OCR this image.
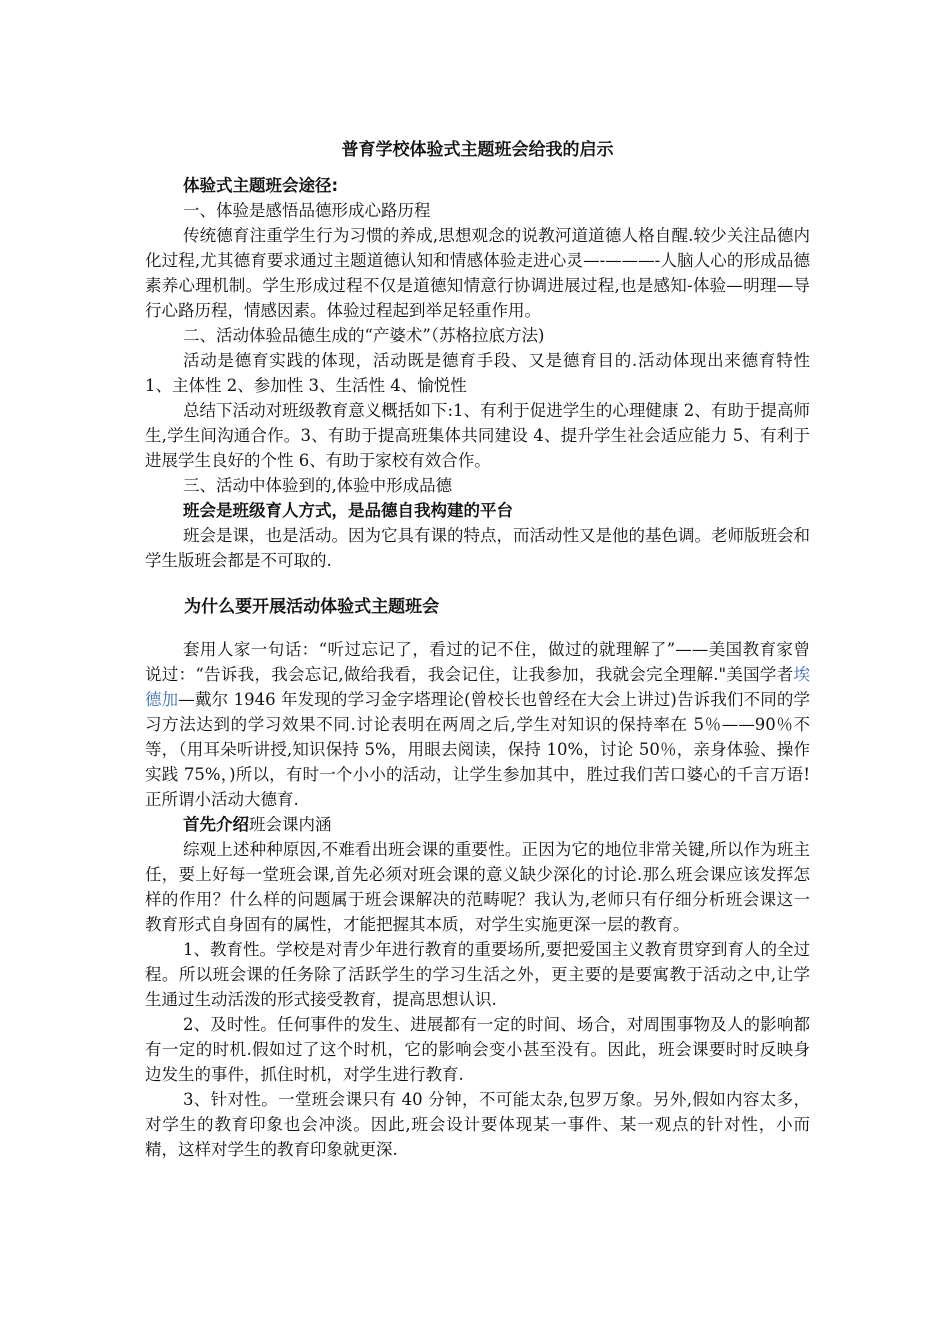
普育学校体验式主题班会给我的启示

体验式主题班会途径:

一、体验是感悟品德形成心路历程

传统德育注重学生行为习惯的养成,思想观念的说教河道道德人格自醒.较少关注品德内化过程,尤其德育要求通过主题道德认知和情感体验走进心灵—-———-人脑人心的形成品德素养心理机制。学生形成过程不仅是道德知情意行协调进展过程,也是感知-体验—明理—导行心路历程，情感因素。体验过程起到举足轻重作用。

二、活动体验品德生成的“产婆术”（苏格拉底方法)

活动是德育实践的体现，活动既是德育手段、又是德育目的.活动体现出来德育特性 1、主体性 2、参加性 3、生活性 4、愉悦性

总结下活动对班级教育意义概括如下:1、有利于促进学生的心理健康 2、有助于提高师生,学生间沟通合作。3、有助于提高班集体共同建设 4、提升学生社会适应能力 5、有利于进展学生良好的个性 6、有助于家校有效合作。

三、活动中体验到的,体验中形成品德

班会是班级育人方式，是品德自我构建的平台

班会是课，也是活动。因为它具有课的特点，而活动性又是他的基色调。老师版班会和学生版班会都是不可取的.

为什么要开展活动体验式主题班会

套用人家一句话：“听过忘记了，看过的记不住，做过的就理解了”——美国教育家曾说过：“告诉我，我会忘记,做给我看，我会记住，让我参加，我就会完全理解."美国学者埃德加—戴尔 1946 年发现的学习金字塔理论(曾校长也曾经在大会上讲过)告诉我们不同的学习方法达到的学习效果不同.讨论表明在两周之后,学生对知识的保持率在 5％——90％不等，（用耳朵听讲授,知识保持 5%，用眼去阅读，保持 10%，讨论 50％，亲身体验、操作实践 75%，)所以，有时一个小小的活动，让学生参加其中，胜过我们苦口婆心的千言万语!正所谓小活动大德育.

首先介绍班会课内涵

综观上述种种原因,不难看出班会课的重要性。正因为它的地位非常关键,所以作为班主任，要上好每一堂班会课,首先必须对班会课的意义缺少深化的讨论.那么班会课应该发挥怎样的作用？什么样的问题属于班会课解决的范畴呢？我认为,老师只有仔细分析班会课这一教育形式自身固有的属性，才能把握其本质，对学生实施更深一层的教育。

1、教育性。学校是对青少年进行教育的重要场所,要把爱国主义教育贯穿到育人的全过程。所以班会课的任务除了活跃学生的学习生活之外，更主要的是要寓教于活动之中,让学生通过生动活泼的形式接受教育，提高思想认识.

2、及时性。任何事件的发生、进展都有一定的时间、场合，对周围事物及人的影响都有一定的时机.假如过了这个时机，它的影响会变小甚至没有。因此，班会课要时时反映身边发生的事件，抓住时机，对学生进行教育.

3、针对性。一堂班会课只有 40 分钟，不可能太杂,包罗万象。另外,假如内容太多，对学生的教育印象也会冲淡。因此,班会设计要体现某一事件、某一观点的针对性，小而精，这样对学生的教育印象就更深.
